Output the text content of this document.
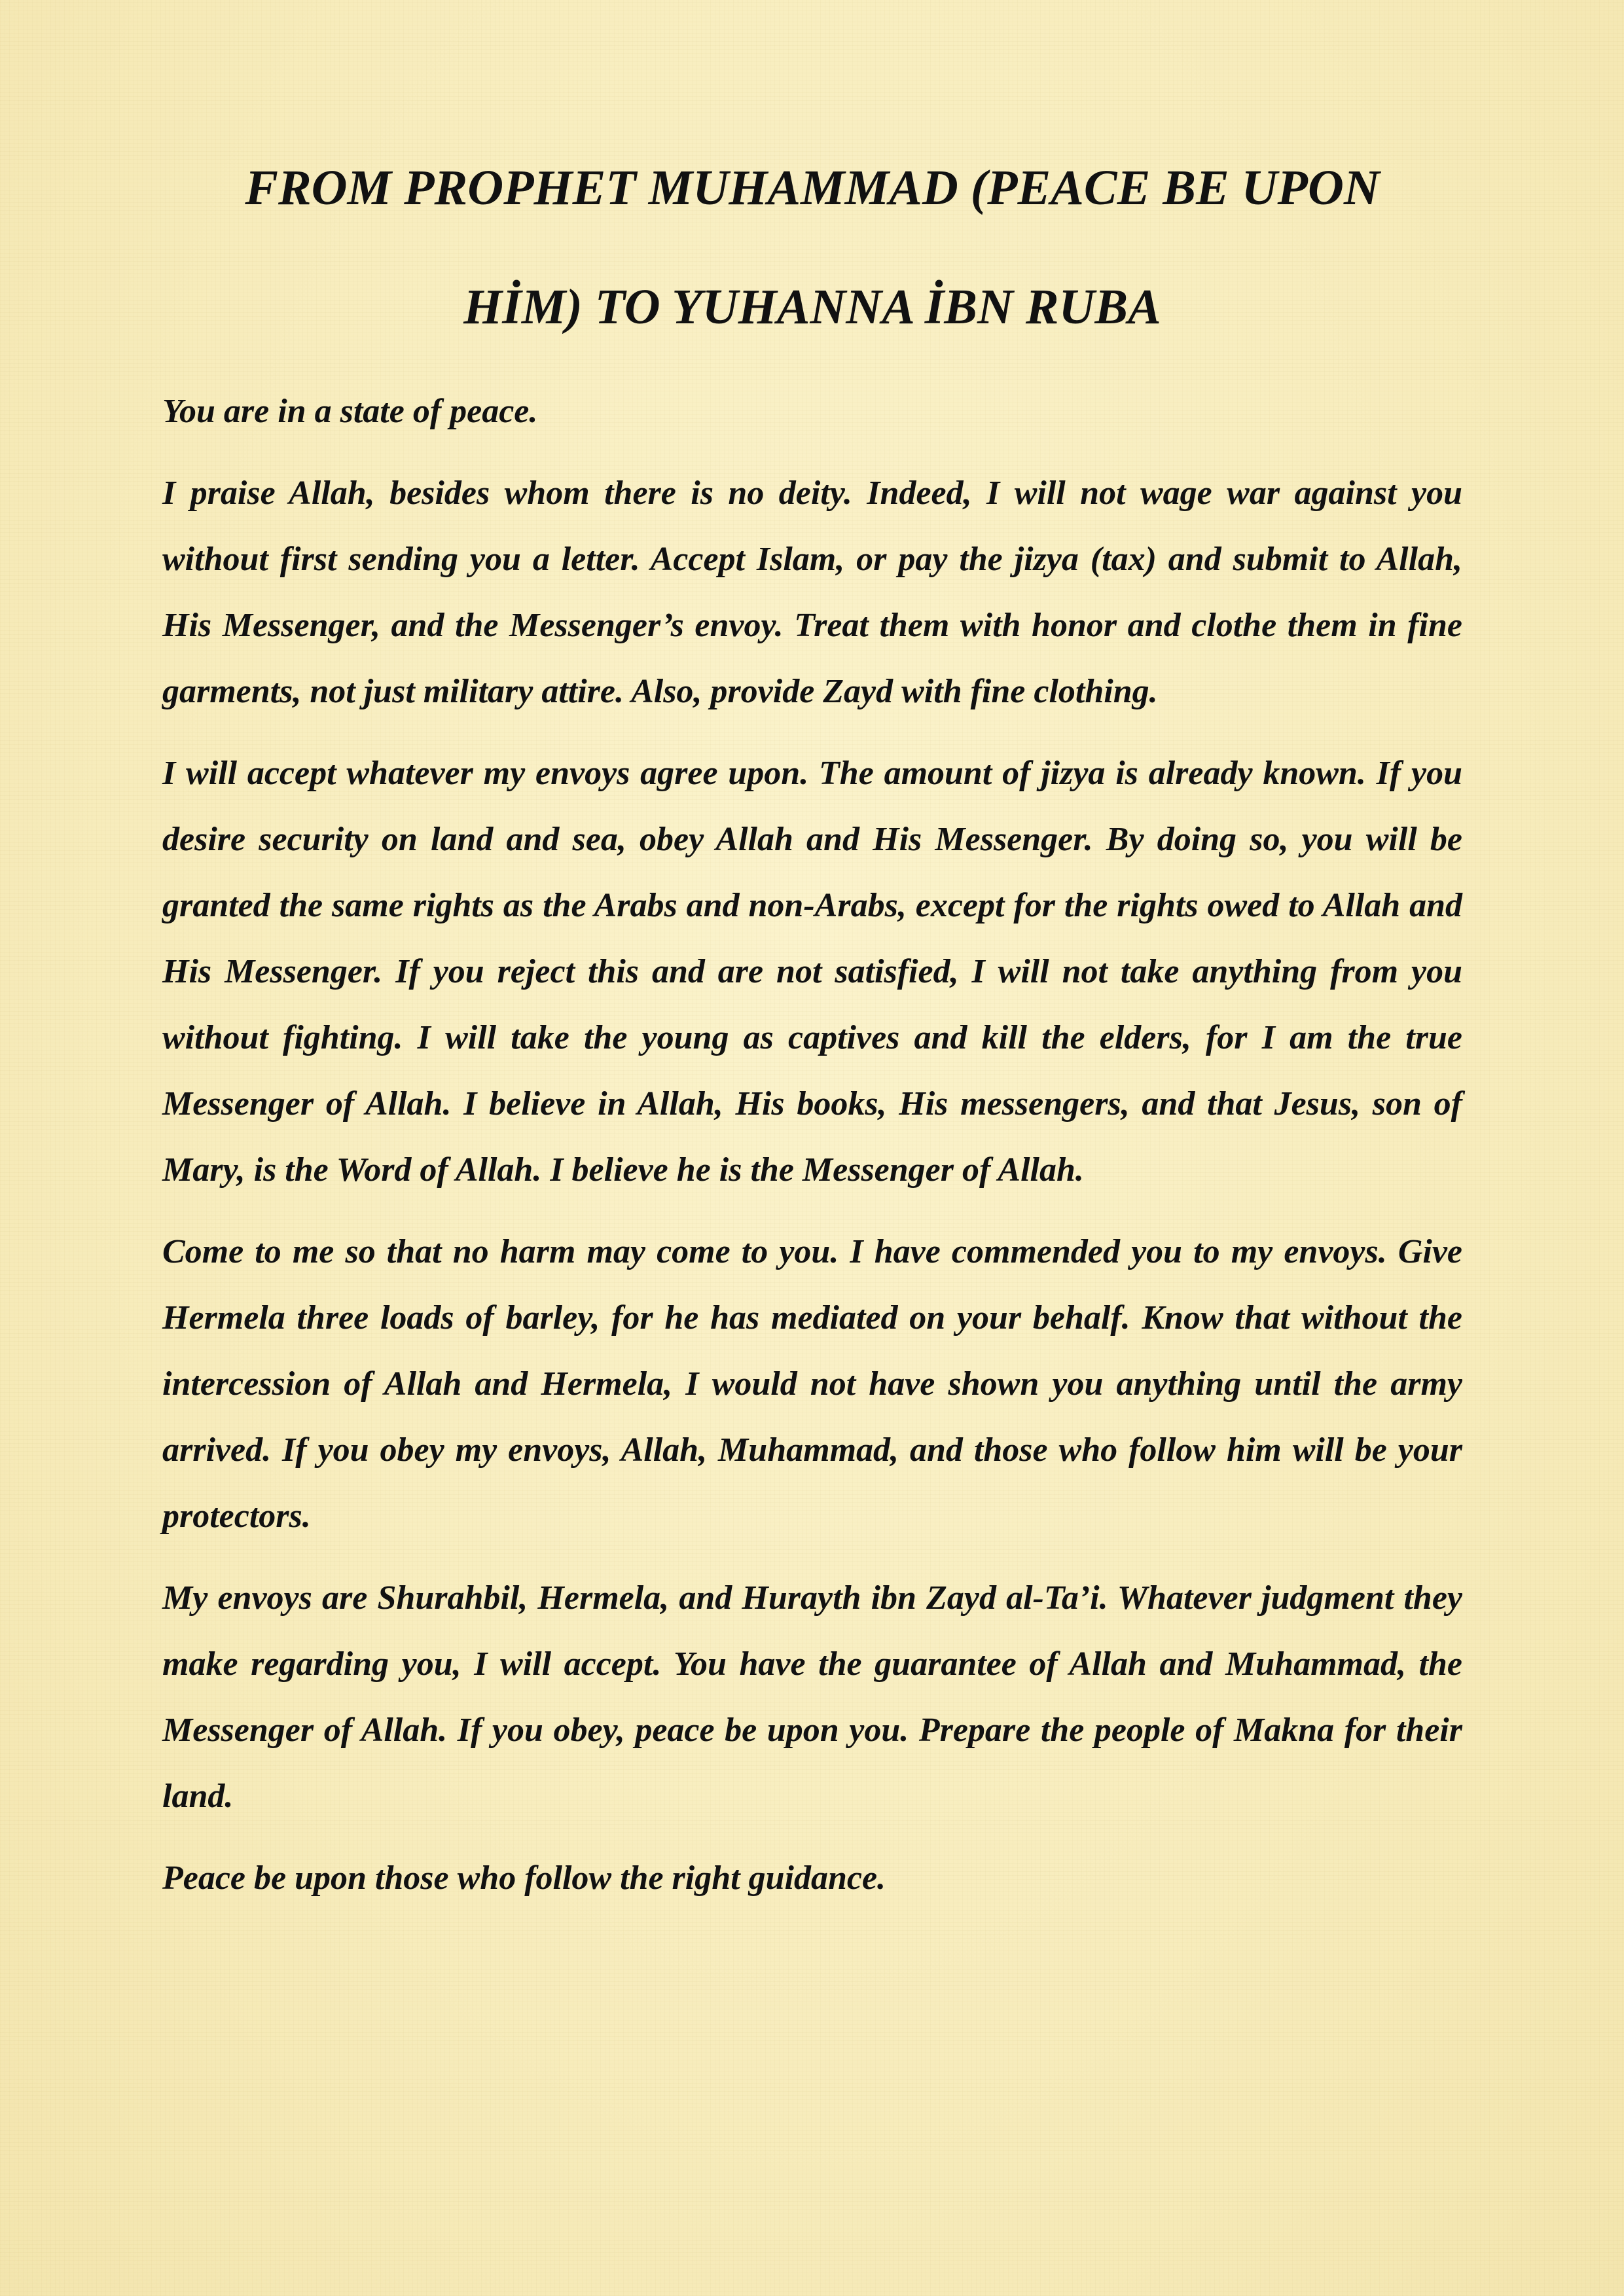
FROM PROPHET MUHAMMAD (PEACE BE UPON HİM) TO YUHANNA İBN RUBA

You are in a state of peace.

I praise Allah, besides whom there is no deity. Indeed, I will not wage war against you without first sending you a letter. Accept Islam, or pay the jizya (tax) and submit to Allah, His Messenger, and the Messenger’s envoy. Treat them with honor and clothe them in fine garments, not just military attire. Also, provide Zayd with fine clothing.

I will accept whatever my envoys agree upon. The amount of jizya is already known. If you desire security on land and sea, obey Allah and His Messenger. By doing so, you will be granted the same rights as the Arabs and non-Arabs, except for the rights owed to Allah and His Messenger. If you reject this and are not satisfied, I will not take anything from you without fighting. I will take the young as captives and kill the elders, for I am the true Messenger of Allah. I believe in Allah, His books, His messengers, and that Jesus, son of Mary, is the Word of Allah. I believe he is the Messenger of Allah.

Come to me so that no harm may come to you. I have commended you to my envoys. Give Hermela three loads of barley, for he has mediated on your behalf. Know that without the intercession of Allah and Hermela, I would not have shown you anything until the army arrived. If you obey my envoys, Allah, Muhammad, and those who follow him will be your protectors.

My envoys are Shurahbil, Hermela, and Hurayth ibn Zayd al-Ta’i. Whatever judgment they make regarding you, I will accept. You have the guarantee of Allah and Muhammad, the Messenger of Allah. If you obey, peace be upon you. Prepare the people of Makna for their land.

Peace be upon those who follow the right guidance.
